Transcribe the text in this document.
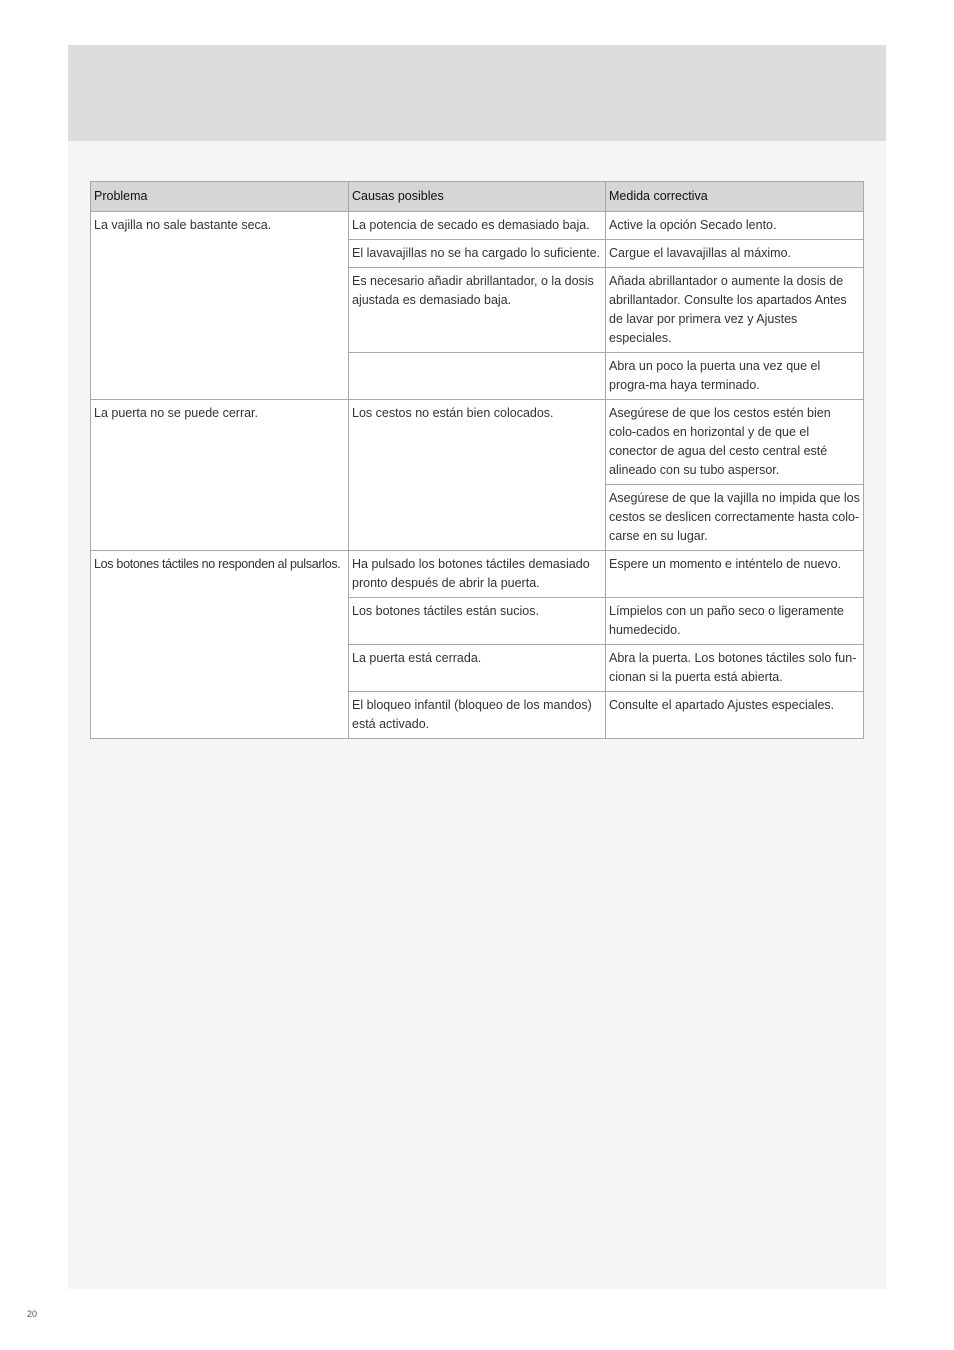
Problema	Causas posibles	Medida correctiva
La vajilla no sale bastante seca.	La potencia de secado es demasiado baja.	Active la opción Secado lento.
	El lavavajillas no se ha cargado lo suficiente.	Cargue el lavavajillas al máximo.
	Es necesario añadir abrillantador, o la dosis ajustada es demasiado baja.	Añada abrillantador o aumente la dosis de abrillantador. Consulte los apartados Antes de lavar por primera vez y Ajustes especiales.
		Abra un poco la puerta una vez que el progra-ma haya terminado.
La puerta no se puede cerrar.	Los cestos no están bien colocados.	Asegúrese de que los cestos estén bien colo-cados en horizontal y de que el conector de agua del cesto central esté alineado con su tubo aspersor.
		Asegúrese de que la vajilla no impida que los cestos se deslicen correctamente hasta colo-carse en su lugar.
Los botones táctiles no responden al pulsarlos.	Ha pulsado los botones táctiles demasiado pronto después de abrir la puerta.	Espere un momento e inténtelo de nuevo.
	Los botones táctiles están sucios.	Límpielos con un paño seco o ligeramente humedecido.
	La puerta está cerrada.	Abra la puerta. Los botones táctiles solo fun-cionan si la puerta está abierta.
	El bloqueo infantil (bloqueo de los mandos) está activado.	Consulte el apartado Ajustes especiales.
20
